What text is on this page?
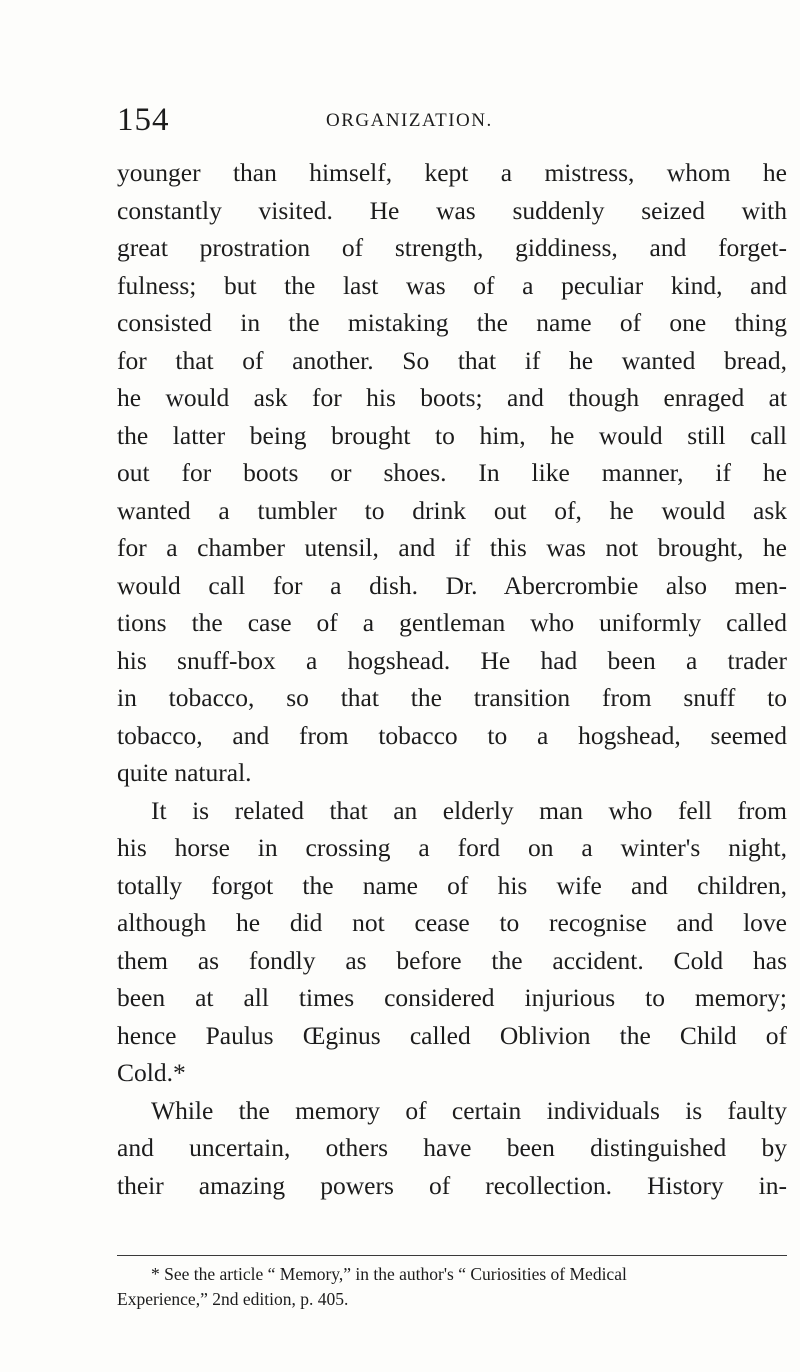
154	ORGANIZATION.
younger than himself, kept a mistress, whom he
constantly visited. He was suddenly seized with
great prostration of strength, giddiness, and forget-
fulness; but the last was of a peculiar kind, and
consisted in the mistaking the name of one thing
for that of another. So that if he wanted bread,
he would ask for his boots; and though enraged at
the latter being brought to him, he would still call
out for boots or shoes. In like manner, if he
wanted a tumbler to drink out of, he would ask
for a chamber utensil, and if this was not brought, he
would call for a dish. Dr. Abercrombie also men-
tions the case of a gentleman who uniformly called
his snuff-box a hogshead. He had been a trader
in tobacco, so that the transition from snuff to
tobacco, and from tobacco to a hogshead, seemed
quite natural.
It is related that an elderly man who fell from
his horse in crossing a ford on a winter's night,
totally forgot the name of his wife and children,
although he did not cease to recognise and love
them as fondly as before the accident. Cold has
been at all times considered injurious to memory;
hence Paulus Œginus called Oblivion the Child of
Cold.*
While the memory of certain individuals is faulty
and uncertain, others have been distinguished by
their amazing powers of recollection. History in-
* See the article “ Memory,” in the author's “ Curiosities of Medical
Experience,” 2nd edition, p. 405.
